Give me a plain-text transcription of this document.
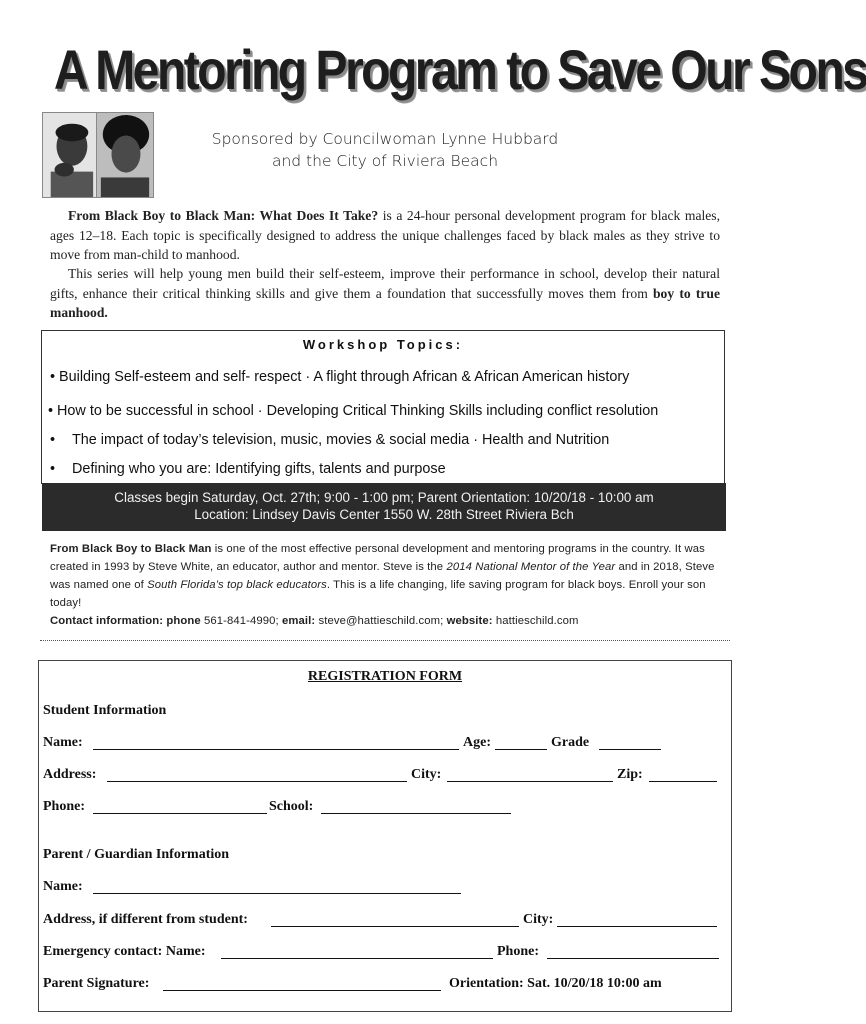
A Mentoring Program to Save Our Sons
Sponsored by Councilwoman Lynne Hubbard
and the City of Riviera Beach

From Black Boy to Black Man: What Does It Take? is a 24-hour personal development program for black males, ages 12–18. Each topic is specifically designed to address the unique challenges faced by black males as they strive to move from man-child to manhood.

This series will help young men build their self-esteem, improve their performance in school, develop their natural gifts, enhance their critical thinking skills and give them a foundation that successfully moves them from boy to true manhood.

Workshop Topics:
• Building Self-esteem and self- respect · A flight through African & African American history
• How to be successful in school · Developing Critical Thinking Skills including conflict resolution
• The impact of today’s television, music, movies & social media · Health and Nutrition
• Defining who you are: Identifying gifts, talents and purpose
Classes begin Saturday, Oct. 27th; 9:00 - 1:00 pm; Parent Orientation: 10/20/18 - 10:00 am
Location: Lindsey Davis Center 1550 W. 28th Street Riviera Bch
From Black Boy to Black Man is one of the most effective personal development and mentoring programs in the country. It was created in 1993 by Steve White, an educator, author and mentor. Steve is the 2014 National Mentor of the Year and in 2018, Steve was named one of South Florida’s top black educators. This is a life changing, life saving program for black boys. Enroll your son today!
Contact information: phone 561-841-4990; email: steve@hattieschild.com; website: hattieschild.com
REGISTRATION FORM
Student Information
Name:	Age:	Grade
Address:	City:	Zip:
Phone:	School:
Parent / Guardian Information
Name:
Address, if different from student:	City:
Emergency contact: Name:	Phone:
Parent Signature:	Orientation: Sat. 10/20/18 10:00 am
